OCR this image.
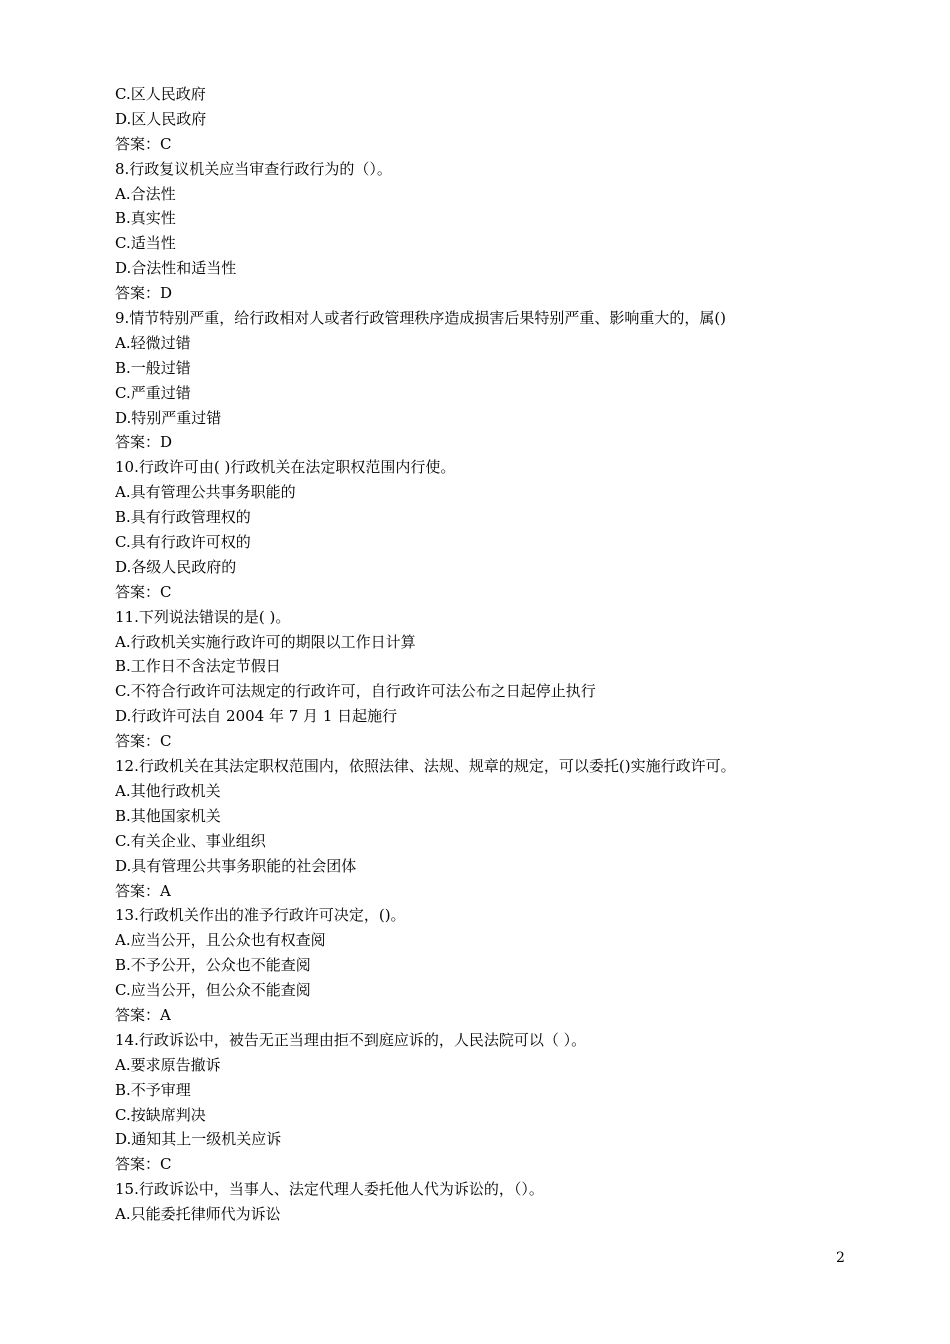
C.区人民政府
D.区人民政府
答案：C
8.行政复议机关应当审查行政行为的（）。
A.合法性
B.真实性
C.适当性
D.合法性和适当性
答案：D
9.情节特别严重，给行政相对人或者行政管理秩序造成损害后果特别严重、影响重大的，属()
A.轻微过错
B.一般过错
C.严重过错
D.特别严重过错
答案：D
10.行政许可由( )行政机关在法定职权范围内行使。
A.具有管理公共事务职能的
B.具有行政管理权的
C.具有行政许可权的
D.各级人民政府的
答案：C
11.下列说法错误的是( )。
A.行政机关实施行政许可的期限以工作日计算
B.工作日不含法定节假日
C.不符合行政许可法规定的行政许可，自行政许可法公布之日起停止执行
D.行政许可法自 2004 年 7 月 1 日起施行
答案：C
12.行政机关在其法定职权范围内，依照法律、法规、规章的规定，可以委托()实施行政许可。
A.其他行政机关
B.其他国家机关
C.有关企业、事业组织
D.具有管理公共事务职能的社会团体
答案：A
13.行政机关作出的准予行政许可决定，()。
A.应当公开，且公众也有权查阅
B.不予公开，公众也不能查阅
C.应当公开，但公众不能查阅
答案：A
14.行政诉讼中，被告无正当理由拒不到庭应诉的，人民法院可以（ ）。
A.要求原告撤诉
B.不予审理
C.按缺席判决
D.通知其上一级机关应诉
答案：C
15.行政诉讼中，当事人、法定代理人委托他人代为诉讼的，（）。
A.只能委托律师代为诉讼
2
